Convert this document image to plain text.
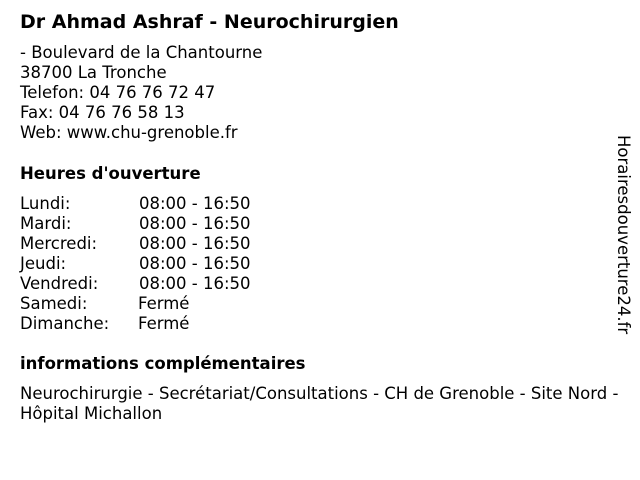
Dr Ahmad Ashraf - Neurochirurgien
- Boulevard de la Chantourne
38700 La Tronche
Telefon: 04 76 76 72 47
Fax: 04 76 76 58 13
Web: www.chu-grenoble.fr
Heures d'ouverture
Lundi:	08:00 - 16:50
Mardi:	08:00 - 16:50
Mercredi:	08:00 - 16:50
Jeudi:	08:00 - 16:50
Vendredi:	08:00 - 16:50
Samedi:	Fermé
Dimanche:	Fermé
informations complémentaires
Neurochirurgie - Secrétariat/Consultations - CH de Grenoble - Site Nord - Hôpital Michallon
Horairesdouverture24.fr
